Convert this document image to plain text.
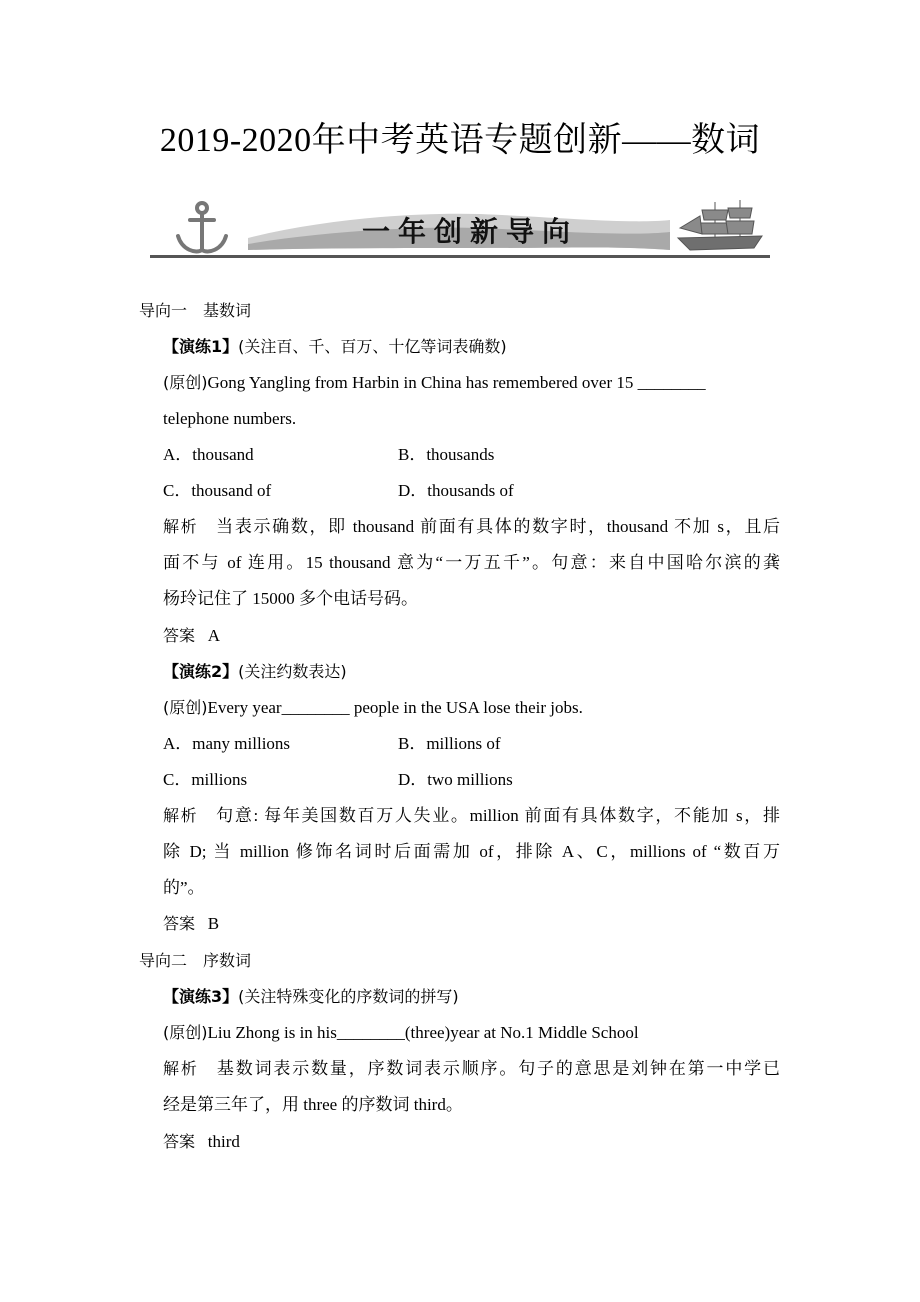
2019-2020年中考英语专题创新——数词
一年创新导向
导向一　基数词
【演练1】(关注百、千、百万、十亿等词表确数)
(原创)Gong Yangling from Harbin in China has remembered over 15 ________
telephone numbers.
A．thousand	B．thousands
C．thousand of	D．thousands of
解析 当表示确数，即 thousand 前面有具体的数字时，thousand 不加 s，且后
面不与 of 连用。15 thousand 意为“一万五千”。句意：来自中国哈尔滨的龚
杨玲记住了 15000 多个电话号码。
答案 A
【演练2】(关注约数表达)
(原创)Every year________ people in the USA lose their jobs.
A．many millions	B．millions of
C．millions	D．two millions
解析 句意: 每年美国数百万人失业。million 前面有具体数字，不能加 s，排
除 D; 当 million 修饰名词时后面需加 of，排除 A、C，millions of “数百万
的”。
答案 B
导向二　序数词
【演练3】(关注特殊变化的序数词的拼写)
(原创)Liu Zhong is in his________(three)year at No.1 Middle School
解析 基数词表示数量，序数词表示顺序。句子的意思是刘钟在第一中学已
经是第三年了，用 three 的序数词 third。
答案 third
